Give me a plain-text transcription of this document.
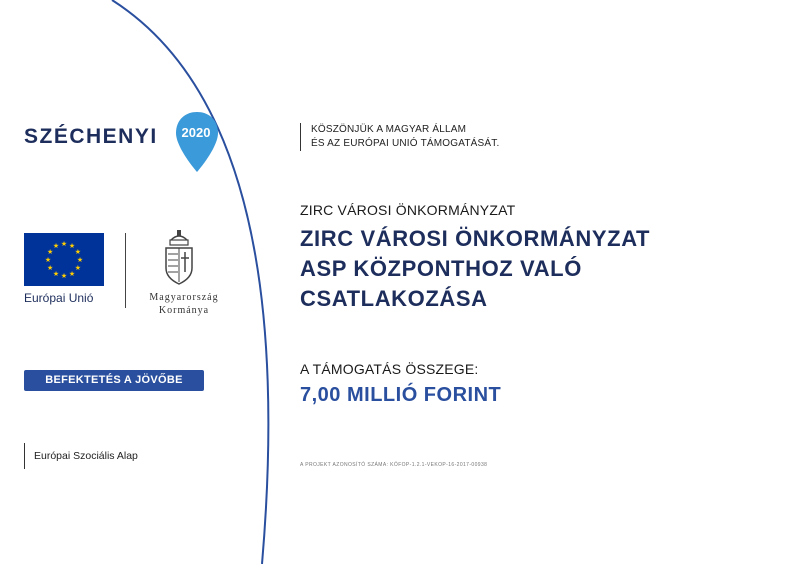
SZÉCHENYI 2020	KÖSZÖNJÜK A MAGYAR ÁLLAM
ÉS AZ EURÓPAI UNIÓ TÁMOGATÁSÁT.
★ ★
★
★
★
★
★
★
★
★
★
★
Európai Unió	Magyarország
Kormánya
BEFEKTETÉS A JÖVŐBE
Európai Szociális Alap
ZIRC VÁROSI ÖNKORMÁNYZAT
ZIRC VÁROSI ÖNKORMÁNYZAT
ASP KÖZPONTHOZ VALÓ
CSATLAKOZÁSA
A TÁMOGATÁS ÖSSZEGE:
7,00 MILLIÓ FORINT
A PROJEKT AZONOSÍTÓ SZÁMA: KÖFOP-1.2.1-VEKOP-16-2017-00938
